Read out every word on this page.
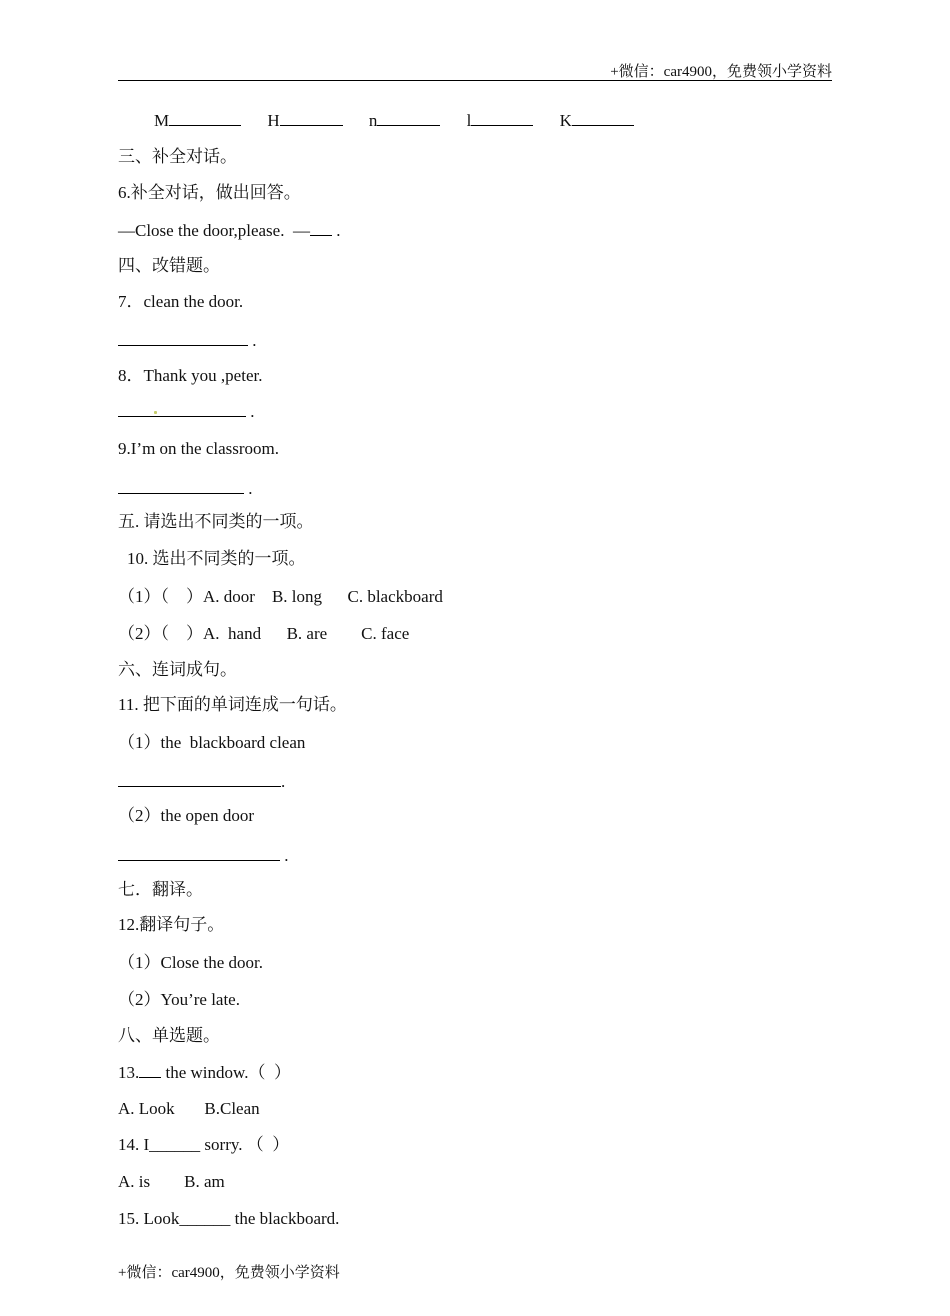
+微信：car4900，免费领小学资料
M	H	n	l	K
三、补全对话。
6.补全对话，做出回答。
—Close the door,please.  — .
四、改错题。
7．clean the door.
.
8．Thank you ,peter.
.
9.I’m on the classroom.
.
五. 请选出不同类的一项。
10. 选出不同类的一项。
（1）（    ）A. door    B. long      C. blackboard
（2）（    ）A.  hand      B. are        C. face
六、连词成句。
11. 把下面的单词连成一句话。
（1）the  blackboard clean
.
（2）the open door
.
七．翻译。
12.翻译句子。
（1）Close the door.
（2）You’re late.
八、单选题。
13. the window.（  ）
A. Look       B.Clean
14. I______ sorry. （  ）
A. is        B. am
15. Look______ the blackboard.
+微信：car4900，免费领小学资料
